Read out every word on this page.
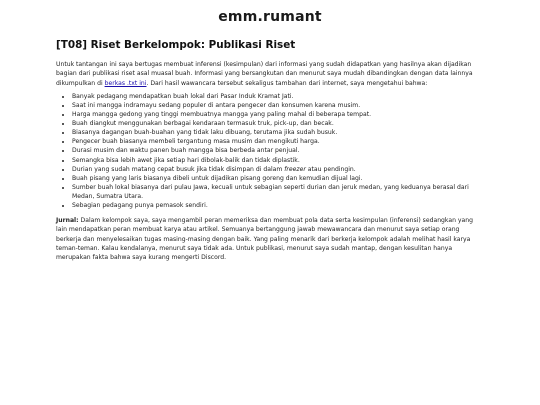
emm.rumant
[T08] Riset Berkelompok: Publikasi Riset

Untuk tantangan ini saya bertugas membuat inferensi (kesimpulan) dari informasi yang sudah didapatkan yang hasilnya akan dijadikan bagian dari publikasi riset asal muasal buah. Informasi yang bersangkutan dan menurut saya mudah dibandingkan dengan data lainnya dikumpulkan di berkas .txt ini. Dari hasil wawancara tersebut sekaligus tambahan dari internet, saya mengetahui bahwa:

• Banyak pedagang mendapatkan buah lokal dari Pasar Induk Kramat Jati.
• Saat ini mangga indramayu sedang populer di antara pengecer dan konsumen karena musim.
• Harga mangga gedong yang tinggi membuatnya mangga yang paling mahal di beberapa tempat.
• Buah diangkut menggunakan berbagai kendaraan termasuk truk, pick-up, dan becak.
• Biasanya dagangan buah-buahan yang tidak laku dibuang, terutama jika sudah busuk.
• Pengecer buah biasanya membeli tergantung masa musim dan mengikuti harga.
• Durasi musim dan waktu panen buah mangga bisa berbeda antar penjual.
• Semangka bisa lebih awet jika setiap hari dibolak-balik dan tidak diplastik.
• Durian yang sudah matang cepat busuk jika tidak disimpan di dalam freezer atau pendingin.
• Buah pisang yang laris biasanya dibeli untuk dijadikan pisang goreng dan kemudian dijual lagi.
• Sumber buah lokal biasanya dari pulau Jawa, kecuali untuk sebagian seperti durian dan jeruk medan, yang keduanya berasal dari Medan, Sumatra Utara.
• Sebagian pedagang punya pemasok sendiri.

Jurnal: Dalam kelompok saya, saya mengambil peran memeriksa dan membuat pola data serta kesimpulan (inferensi) sedangkan yang lain mendapatkan peran membuat karya atau artikel. Semuanya bertanggung jawab mewawancara dan menurut saya setiap orang berkerja dan menyelesaikan tugas masing-masing dengan baik. Yang paling menarik dari berkerja kelompok adalah melihat hasil karya teman-teman. Kalau kendalanya, menurut saya tidak ada. Untuk publikasi, menurut saya sudah mantap, dengan kesulitan hanya merupakan fakta bahwa saya kurang mengerti Discord.
